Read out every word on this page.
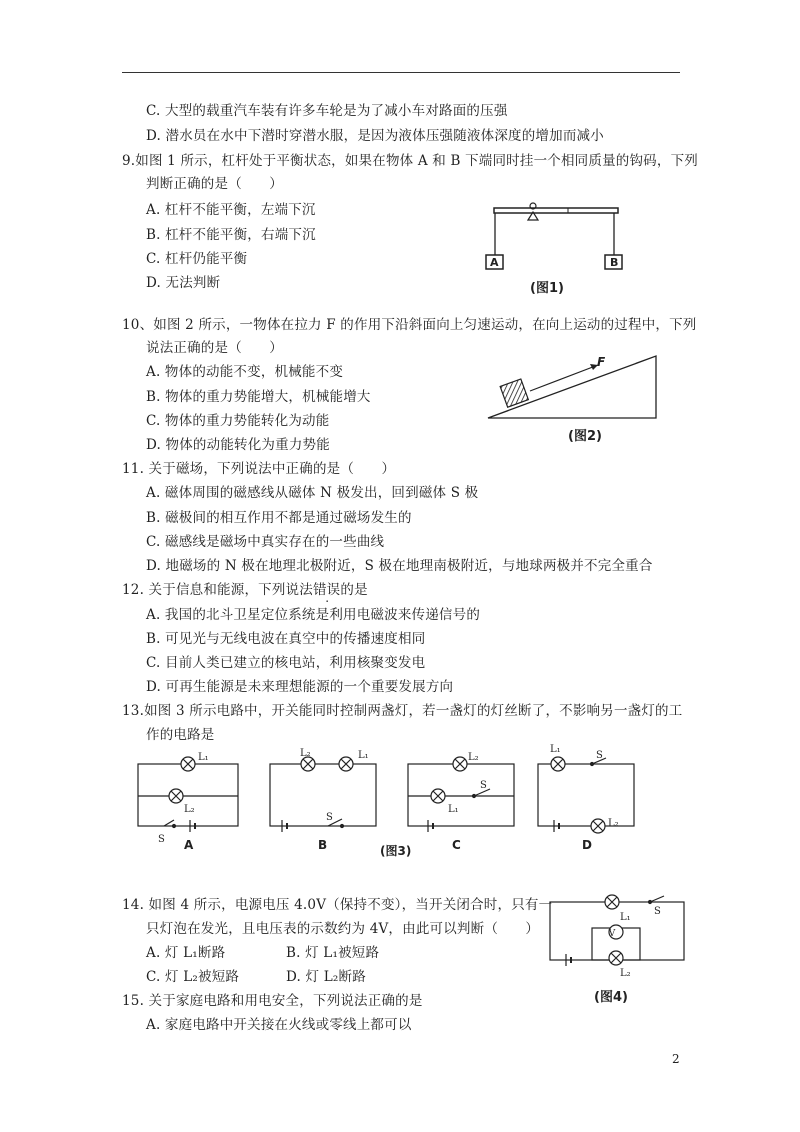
C. 大型的载重汽车装有许多车轮是为了减小车对路面的压强
D. 潜水员在水中下潜时穿潜水服，是因为液体压强随液体深度的增加而减小
9.如图 1 所示，杠杆处于平衡状态，如果在物体 A 和 B 下端同时挂一个相同质量的钩码，下列
判断正确的是（　　）
A. 杠杆不能平衡，左端下沉
B. 杠杆不能平衡，右端下沉
C. 杠杆仍能平衡
D. 无法判断
A	B
(图1)
10、如图 2 所示，一物体在拉力 F 的作用下沿斜面向上匀速运动，在向上运动的过程中，下列
说法正确的是（　　）
A. 物体的动能不变，机械能不变
B. 物体的重力势能增大，机械能增大
C. 物体的重力势能转化为动能
D. 物体的动能转化为重力势能
F
(图2)
11. 关于磁场，下列说法中正确的是（　　）
A. 磁体周围的磁感线从磁体 N 极发出，回到磁体 S 极
B. 磁极间的相互作用不都是通过磁场发生的
C. 磁感线是磁场中真实存在的一些曲线
D. 地磁场的 N 极在地理北极附近，S 极在地理南极附近，与地球两极并不完全重合
12. 关于信息和能源，下列说法错误的是
A. 我国的北斗卫星定位系统是利用电磁波来传递信号的
B. 可见光与无线电波在真空中的传播速度相同
C. 目前人类已建立的核电站，利用核聚变发电
D. 可再生能源是未来理想能源的一个重要发展方向
13.如图 3 所示电路中，开关能同时控制两盏灯，若一盏灯的灯丝断了，不影响另一盏灯的工
作的电路是
L₁
L₂
S
L₂	L₁
S
L₂
S
L₁
L₁
S
L₂
A	B	C	D
(图3)
14. 如图 4 所示，电源电压 4.0V（保持不变），当开关闭合时，只有一
只灯泡在发光，且电压表的示数约为 4V，由此可以判断（　　）
A. 灯 L₁断路	B. 灯 L₁被短路
C. 灯 L₂被短路	D. 灯 L₂断路
V
L₁
S
L₂
(图4)
15. 关于家庭电路和用电安全，下列说法正确的是
A. 家庭电路中开关接在火线或零线上都可以
2
